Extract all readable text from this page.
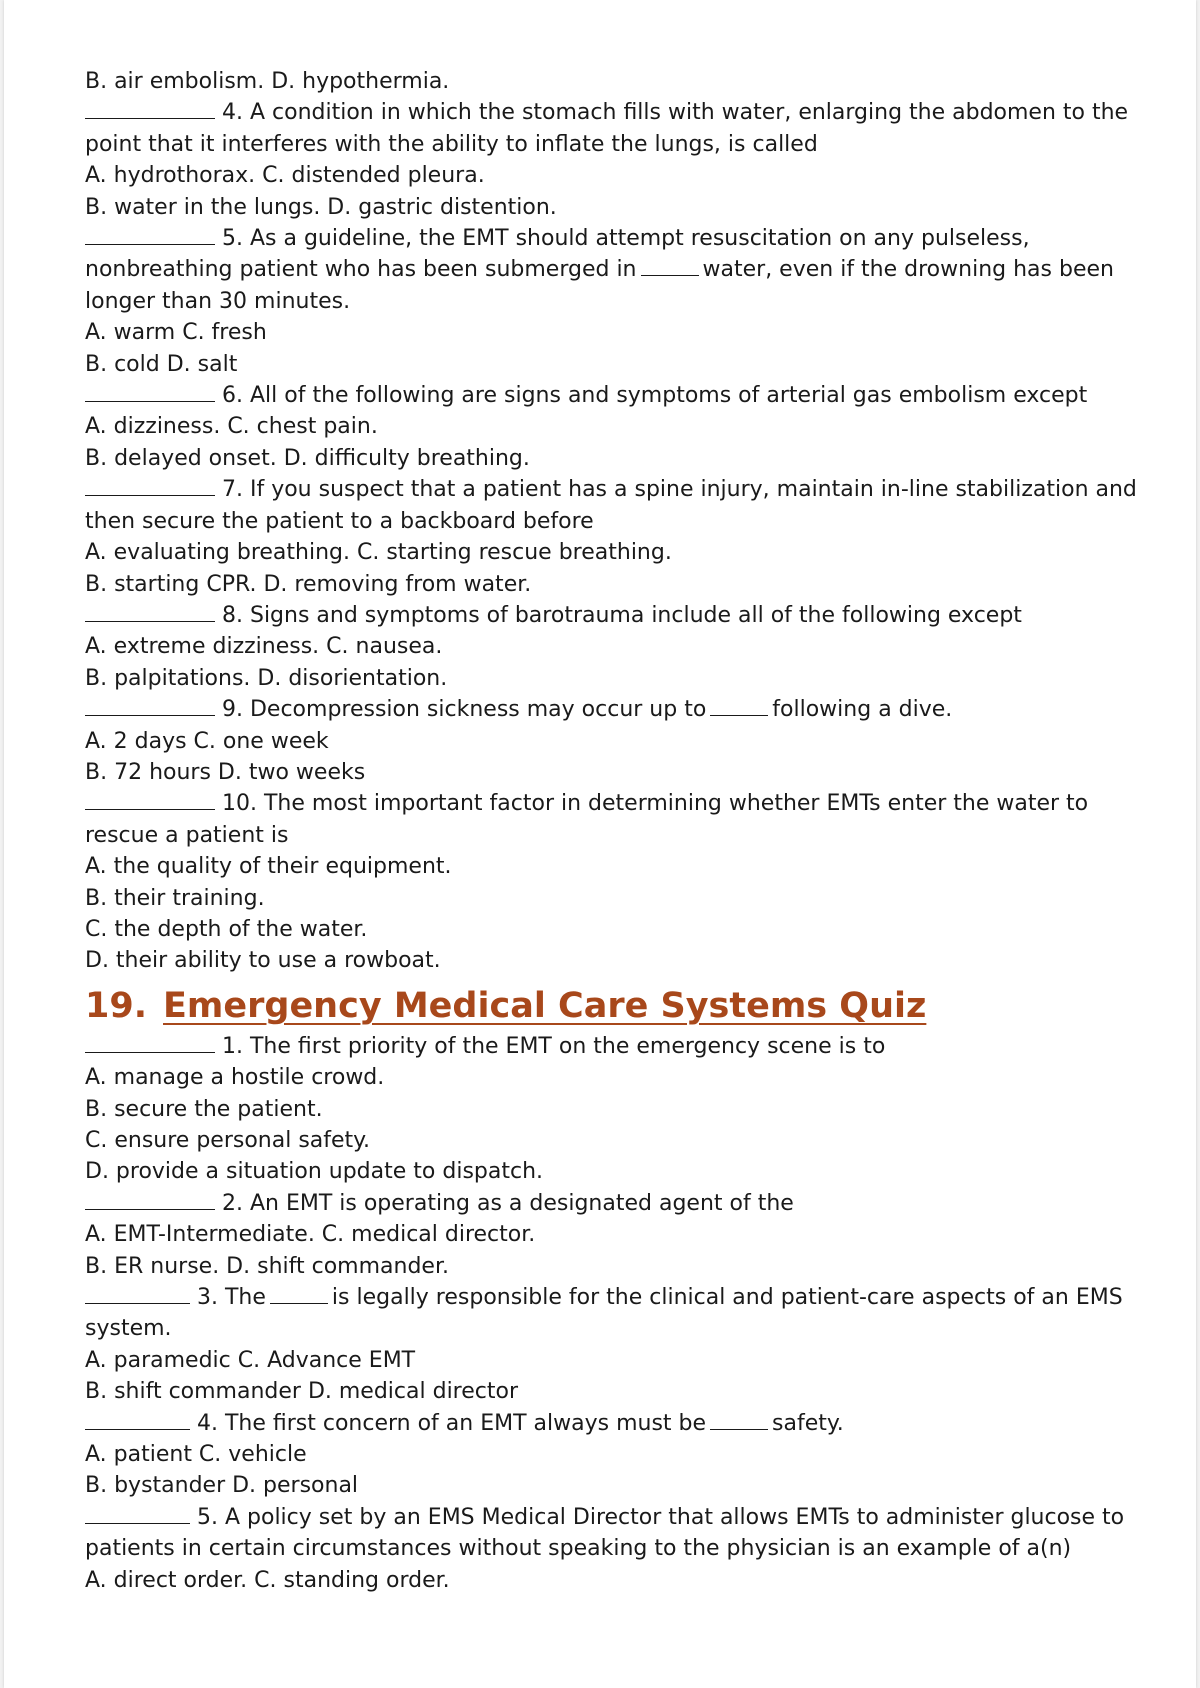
B. air embolism. D. hypothermia.
4. A condition in which the stomach fills with water, enlarging the abdomen to the
point that it interferes with the ability to inflate the lungs, is called
A. hydrothorax. C. distended pleura.
B. water in the lungs. D. gastric distention.
5. As a guideline, the EMT should attempt resuscitation on any pulseless,
nonbreathing patient who has been submerged in	water, even if the drowning has been
longer than 30 minutes.
A. warm C. fresh
B. cold D. salt
6. All of the following are signs and symptoms of arterial gas embolism except
A. dizziness. C. chest pain.
B. delayed onset. D. difficulty breathing.
7. If you suspect that a patient has a spine injury, maintain in-line stabilization and
then secure the patient to a backboard before
A. evaluating breathing. C. starting rescue breathing.
B. starting CPR. D. removing from water.
8. Signs and symptoms of barotrauma include all of the following except
A. extreme dizziness. C. nausea.
B. palpitations. D. disorientation.
9. Decompression sickness may occur up to	following a dive.
A. 2 days C. one week
B. 72 hours D. two weeks
10. The most important factor in determining whether EMTs enter the water to
rescue a patient is
A. the quality of their equipment.
B. their training.
C. the depth of the water.
D. their ability to use a rowboat.
19. Emergency Medical Care Systems Quiz
1. The first priority of the EMT on the emergency scene is to
A. manage a hostile crowd.
B. secure the patient.
C. ensure personal safety.
D. provide a situation update to dispatch.
2. An EMT is operating as a designated agent of the
A. EMT-Intermediate. C. medical director.
B. ER nurse. D. shift commander.
3. The	is legally responsible for the clinical and patient-care aspects of an EMS
system.
A. paramedic C. Advance EMT
B. shift commander D. medical director
4. The first concern of an EMT always must be	safety.
A. patient C. vehicle
B. bystander D. personal
5. A policy set by an EMS Medical Director that allows EMTs to administer glucose to
patients in certain circumstances without speaking to the physician is an example of a(n)
A. direct order. C. standing order.
